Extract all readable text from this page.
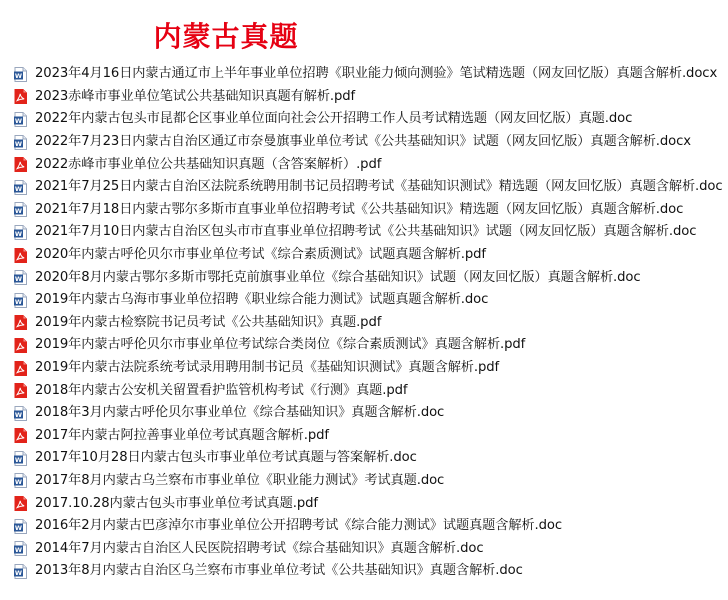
内蒙古真题
W 2023年4月16日内蒙古通辽市上半年事业单位招聘《职业能力倾向测验》笔试精选题（网友回忆版）真题含解析.docx
2023赤峰市事业单位笔试公共基础知识真题有解析.pdf
W 2022年内蒙古包头市昆都仑区事业单位面向社会公开招聘工作人员考试精选题（网友回忆版）真题.doc
W 2022年7月23日内蒙古自治区通辽市奈曼旗事业单位考试《公共基础知识》试题（网友回忆版）真题含解析.docx
2022赤峰市事业单位公共基础知识真题（含答案解析）.pdf
W 2021年7月25日内蒙古自治区法院系统聘用制书记员招聘考试《基础知识测试》精选题（网友回忆版）真题含解析.doc
W 2021年7月18日内蒙古鄂尔多斯市直事业单位招聘考试《公共基础知识》精选题（网友回忆版）真题含解析.doc
W 2021年7月10日内蒙古自治区包头市市直事业单位招聘考试《公共基础知识》试题（网友回忆版）真题含解析.doc
2020年内蒙古呼伦贝尔市事业单位考试《综合素质测试》试题真题含解析.pdf
W 2020年8月内蒙古鄂尔多斯市鄂托克前旗事业单位《综合基础知识》试题（网友回忆版）真题含解析.doc
W 2019年内蒙古乌海市事业单位招聘《职业综合能力测试》试题真题含解析.doc
2019年内蒙古检察院书记员考试《公共基础知识》真题.pdf
2019年内蒙古呼伦贝尔市事业单位考试综合类岗位《综合素质测试》真题含解析.pdf
2019年内蒙古法院系统考试录用聘用制书记员《基础知识测试》真题含解析.pdf
2018年内蒙古公安机关留置看护监管机构考试《行测》真题.pdf
W 2018年3月内蒙古呼伦贝尔事业单位《综合基础知识》真题含解析.doc
2017年内蒙古阿拉善事业单位考试真题含解析.pdf
W 2017年10月28日内蒙古包头市事业单位考试真题与答案解析.doc
W 2017年8月内蒙古乌兰察布市事业单位《职业能力测试》考试真题.doc
2017.10.28内蒙古包头市事业单位考试真题.pdf
W 2016年2月内蒙古巴彦淖尔市事业单位公开招聘考试《综合能力测试》试题真题含解析.doc
W 2014年7月内蒙古自治区人民医院招聘考试《综合基础知识》真题含解析.doc
W 2013年8月内蒙古自治区乌兰察布市事业单位考试《公共基础知识》真题含解析.doc
